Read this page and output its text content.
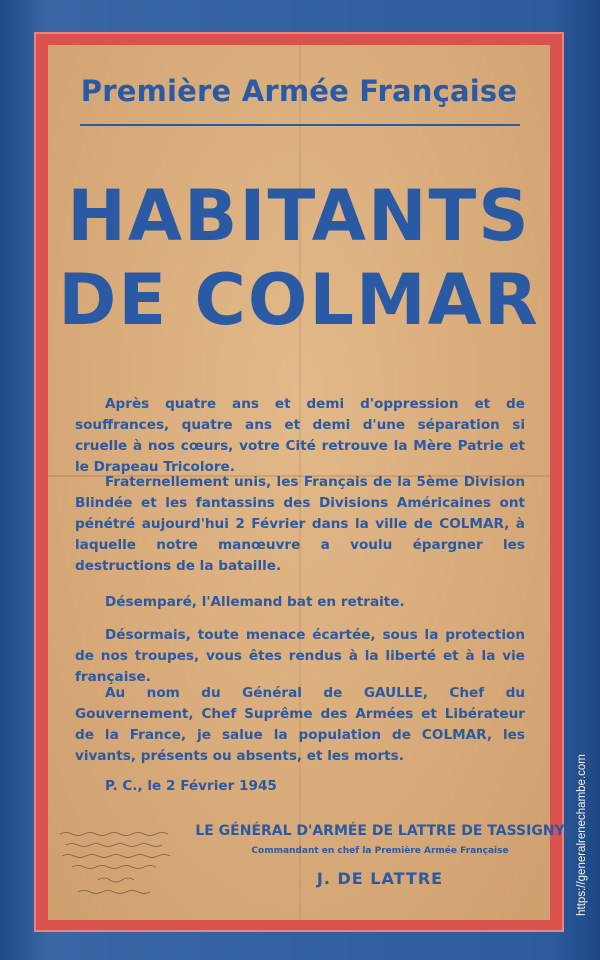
Première Armée Française
HABITANTS
DE COLMAR

Après quatre ans et demi d'oppression et de souffrances, quatre ans et demi d'une séparation si cruelle à nos cœurs, votre Cité retrouve la Mère Patrie et le Drapeau Tricolore.

Fraternellement unis, les Français de la 5ème Division Blindée et les fantassins des Divisions Américaines ont pénétré aujourd'hui 2 Février dans la ville de COLMAR, à laquelle notre manœuvre a voulu épargner les destructions de la bataille.

Désemparé, l'Allemand bat en retraite.

Désormais, toute menace écartée, sous la protection de nos troupes, vous êtes rendus à la liberté et à la vie française.

Au nom du Général de GAULLE, Chef du Gouvernement, Chef Suprême des Armées et Libérateur de la France, je salue la population de COLMAR, les vivants, présents ou absents, et les morts.

P. C., le 2 Février 1945
LE GÉNÉRAL D'ARMÉE DE LATTRE DE TASSIGNY
Commandant en chef la Première Armée Française
J. DE LATTRE	https://generalrenechambe.com
